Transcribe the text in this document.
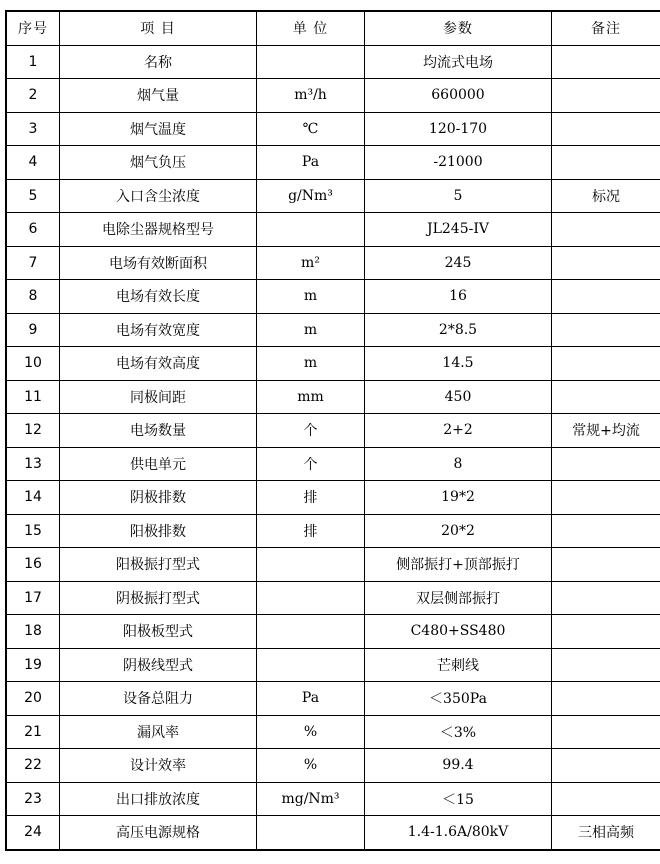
序号	项 目	单 位	参数	备注
1	名称		均流式电场	
2	烟气量	m³/h	660000	
3	烟气温度	℃	120-170	
4	烟气负压	Pa	-21000	
5	入口含尘浓度	g/Nm³	5	标况
6	电除尘器规格型号		JL245-IV	
7	电场有效断面积	m²	245	
8	电场有效长度	m	16	
9	电场有效宽度	m	2*8.5	
10	电场有效高度	m	14.5	
11	同极间距	mm	450	
12	电场数量	个	2+2	常规+均流
13	供电单元	个	8	
14	阴极排数	排	19*2	
15	阳极排数	排	20*2	
16	阳极振打型式		侧部振打+顶部振打	
17	阴极振打型式		双层侧部振打	
18	阳极板型式		C480+SS480	
19	阴极线型式		芒刺线	
20	设备总阻力	Pa	＜350Pa	
21	漏风率	%	＜3%	
22	设计效率	%	99.4	
23	出口排放浓度	mg/Nm³	＜15	
24	高压电源规格		1.4-1.6A/80kV	三相高频
